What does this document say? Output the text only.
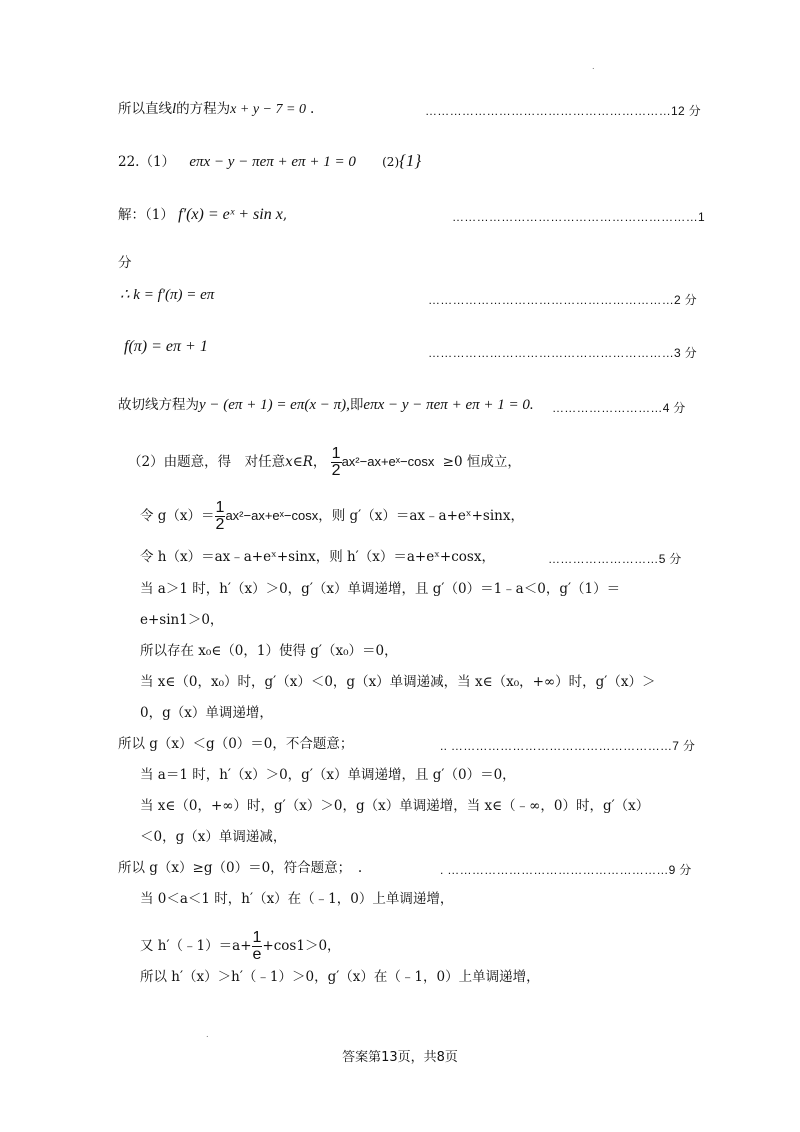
.
所以直线l的方程为x + y − 7 = 0 .	……………………………………………………12 分
22.（1） eπx − y − πeπ + eπ + 1 = 0 (2){1}
解：（1） f′(x) = eˣ + sin x,	……………………………………………………1
分
∴ k = f′(π) = eπ	……………………………………………………2 分
f(π) = eπ + 1	……………………………………………………3 分
故切线方程为y − (eπ + 1) = eπ(x − π),即eπx − y − πeπ + eπ + 1 = 0. ………………………4 分
（2）由题意，得　对任意x∈R， $\frac{1}{2}$ ax²−ax+eˣ−cosx ≥0 恒成立，
令 $g(x)= \frac{1}{2}$ ax²−ax+eˣ−cosx，则 g′（x）＝ax﹣a+eˣ+sinx，
令 h（x）＝ax﹣a+eˣ+sinx，则 h′（x）＝a+eˣ+cosx，	………………………5 分
当 a＞1 时，h′（x）＞0，g′（x）单调递增，且 g′（0）＝1﹣a＜0，g′（1）＝
e+sin1＞0，
所以存在 x₀∈（0，1）使得 g′（x₀）＝0，
当 x∈（0，x₀）时，g′（x）＜0，g（x）单调递减，当 x∈（x₀，+∞）时，g′（x）＞
0，g（x）单调递增，
所以 g（x）＜g（0）＝0，不合题意；	.. ………………………………………………7 分
当 a＝1 时，h′（x）＞0，g′（x）单调递增，且 g′（0）＝0，
当 x∈（0，+∞）时，g′（x）＞0，g（x）单调递增，当 x∈（﹣∞，0）时，g′（x）
＜0，g（x）单调递减，
所以 g（x）≥g（0）＝0，符合题意；　.	. ………………………………………………9 分
当 0＜a＜1 时，h′（x）在（﹣1，0）上单调递增，
又 h′（﹣1）＝a+ $\frac{1}{e} +\cos 1>0$，
所以 h′（x）＞h′（﹣1）＞0，g′（x）在（﹣1，0）上单调递增，
.
答案第13页，共8页
